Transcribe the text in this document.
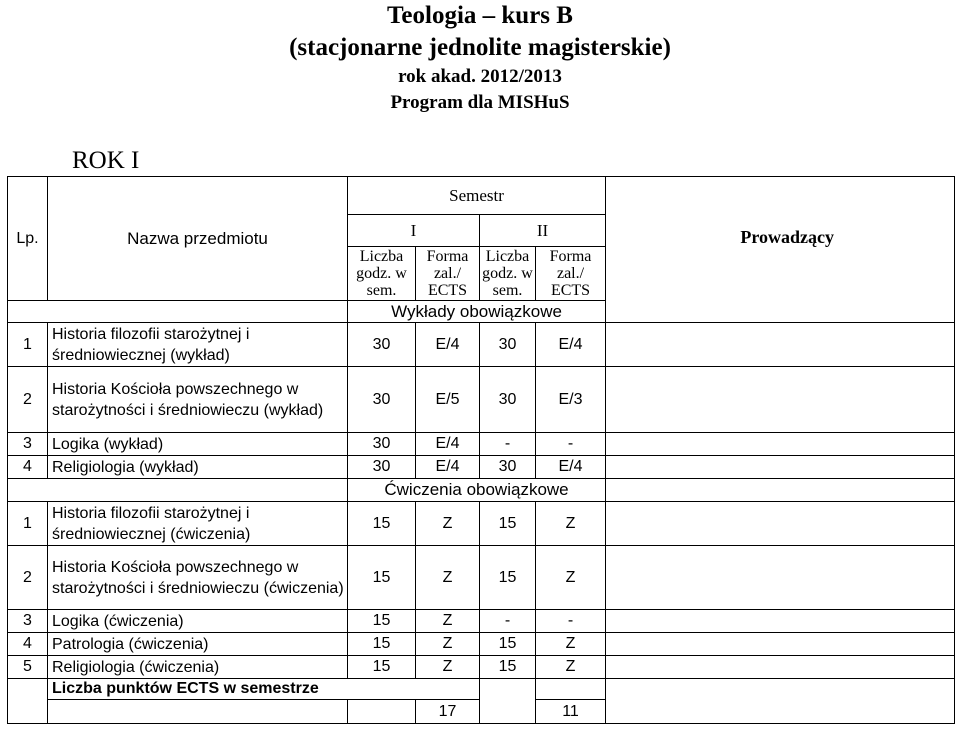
Teologia – kurs B
(stacjonarne jednolite magisterskie)
rok akad. 2012/2013
Program dla MISHuS
ROK I
Lp.	Nazwa przedmiotu	Semestr				Prowadzący
		I		II		
		Liczba godz. w sem.	Forma zal./ ECTS	Liczba godz. w sem.	Forma zal./ ECTS	
		Wykłady obowiązkowe				
1	Historia filozofii starożytnej i średniowiecznej (wykład)	30	E/4	30	E/4	
2	Historia Kościoła powszechnego w starożytności i średniowieczu (wykład)	30	E/5	30	E/3	
3	Logika (wykład)	30	E/4	-	-	
4	Religiologia (wykład)	30	E/4	30	E/4	
		Ćwiczenia obowiązkowe				
1	Historia filozofii starożytnej i średniowiecznej (ćwiczenia)	15	Z	15	Z	
2	Historia Kościoła powszechnego w starożytności i średniowieczu (ćwiczenia)	15	Z	15	Z	
3	Logika (ćwiczenia)	15	Z	-	-	
4	Patrologia (ćwiczenia)	15	Z	15	Z	
5	Religiologia (ćwiczenia)	15	Z	15	Z	
	Liczba punktów ECTS w semestrze					
			17		11	
